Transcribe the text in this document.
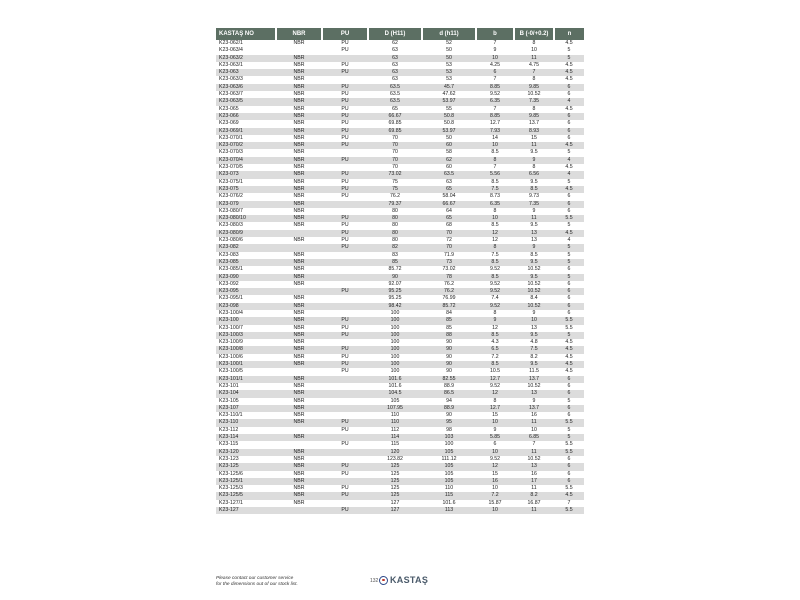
KASTAŞ NO	NBR	PU	D (H11)	d (h11)	b	B (-0/+0.2)	n
K23-062/1	NBR	PU	62	52	7	8	4.5
K23-063/4		PU	63	50	9	10	5
K23-063/2	NBR		63	50	10	11	5
K23-063/1	NBR	PU	63	53	4.25	4.75	4.5
K23-063	NBR	PU	63	53	6	7	4.5
K23-063/3	NBR		63	53	7	8	4.5
K23-063/6	NBR	PU	63.5	45.7	8.85	9.85	6
K23-063/7	NBR	PU	63.5	47.62	9.52	10.52	6
K23-063/5	NBR	PU	63.5	53.97	6.35	7.35	4
K23-065	NBR	PU	65	55	7	8	4.5
K23-066	NBR	PU	66.67	50.8	8.85	9.85	6
K23-069	NBR	PU	69.85	50.8	12.7	13.7	6
K23-069/1	NBR	PU	69.85	53.97	7.93	8.93	6
K23-070/1	NBR	PU	70	50	14	15	6
K23-070/2	NBR	PU	70	60	10	11	4.5
K23-070/3	NBR		70	58	8.5	9.5	5
K23-070/4	NBR	PU	70	62	8	9	4
K23-070/5	NBR		70	60	7	8	4.5
K23-073	NBR	PU	73.02	63.5	5.56	6.56	4
K23-075/1	NBR	PU	75	63	8.5	9.5	5
K23-075	NBR	PU	75	65	7.5	8.5	4.5
K23-076/2	NBR	PU	76.2	58.04	8.73	9.73	6
K23-079	NBR		79.37	66.67	6.35	7.35	6
K23-080/7	NBR		80	64	8	9	6
K23-080/10	NBR	PU	80	65	10	11	5.5
K23-080/3	NBR	PU	80	68	8.5	9.5	5
K23-080/9		PU	80	70	12	13	4.5
K23-080/6	NBR	PU	80	72	12	13	4
K23-082		PU	82	70	8	9	5
K23-083	NBR		83	71.9	7.5	8.5	5
K23-085	NBR		85	73	8.5	9.5	5
K23-085/1	NBR		85.72	73.02	9.52	10.52	6
K23-090	NBR		90	78	8.5	9.5	5
K23-092	NBR		92.07	76.2	9.52	10.52	6
K23-095		PU	95.25	76.2	9.52	10.52	6
K23-095/1	NBR		95.25	76.99	7.4	8.4	6
K23-098	NBR		98.42	85.72	9.52	10.52	6
K23-100/4	NBR		100	84	8	9	6
K23-100	NBR	PU	100	85	9	10	5.5
K23-100/7	NBR	PU	100	85	12	13	5.5
K23-100/3	NBR	PU	100	88	8.5	9.5	5
K23-100/9	NBR		100	90	4.3	4.8	4.5
K23-100/8	NBR	PU	100	90	6.5	7.5	4.5
K23-100/6	NBR	PU	100	90	7.2	8.2	4.5
K23-100/1	NBR	PU	100	90	8.5	9.5	4.5
K23-100/5		PU	100	90	10.5	11.5	4.5
K23-101/1	NBR		101.6	82.55	12.7	13.7	6
K23-101	NBR		101.6	88.9	9.52	10.52	6
K23-104	NBR		104.5	86.5	12	13	6
K23-105	NBR		105	94	8	9	5
K23-107	NBR		107.95	88.9	12.7	13.7	6
K23-110/1	NBR		110	90	15	16	6
K23-110	NBR	PU	110	95	10	11	5.5
K23-112		PU	112	98	9	10	5
K23-114	NBR		114	103	5.85	6.85	5
K23-115		PU	115	100	6	7	5.5
K23-120	NBR		120	105	10	11	5.5
K23-123	NBR		123.82	111.12	9.52	10.52	6
K23-125	NBR	PU	125	105	12	13	6
K23-125/6	NBR	PU	125	105	15	16	6
K23-125/1	NBR		125	105	16	17	6
K23-125/3	NBR	PU	125	110	10	11	5.5
K23-125/5	NBR	PU	125	115	7.2	8.2	4.5
K23-127/1	NBR		127	101.6	15.87	16.87	7
K23-127		PU	127	113	10	11	5.5
Please contact our customer service
for the dimensions out of our stock list.
132 KASTAŞ
